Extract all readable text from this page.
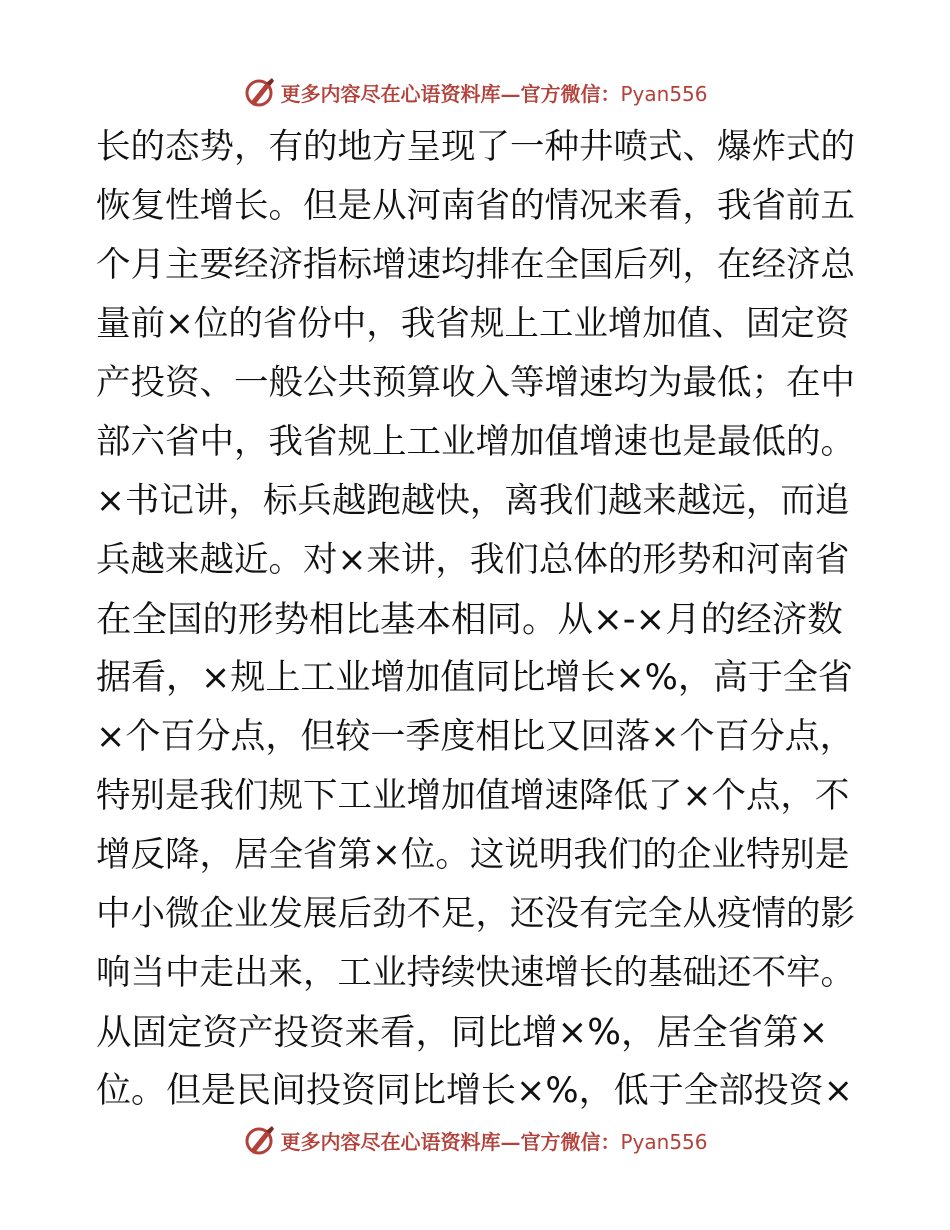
更多内容尽在心语资料库—官方微信：Pyan556
长的态势，有的地方呈现了一种井喷式、爆炸式的
恢复性增长。但是从河南省的情况来看，我省前五
个月主要经济指标增速均排在全国后列，在经济总
量前×位的省份中，我省规上工业增加值、固定资
产投资、一般公共预算收入等增速均为最低；在中
部六省中，我省规上工业增加值增速也是最低的。
×书记讲，标兵越跑越快，离我们越来越远，而追
兵越来越近。对×来讲，我们总体的形势和河南省
在全国的形势相比基本相同。从×-×月的经济数
据看，×规上工业增加值同比增长×%，高于全省
×个百分点，但较一季度相比又回落×个百分点，
特别是我们规下工业增加值增速降低了×个点，不
增反降，居全省第×位。这说明我们的企业特别是
中小微企业发展后劲不足，还没有完全从疫情的影
响当中走出来，工业持续快速增长的基础还不牢。
从固定资产投资来看，同比增×%，居全省第×
位。但是民间投资同比增长×%，低于全部投资×
更多内容尽在心语资料库—官方微信：Pyan556
